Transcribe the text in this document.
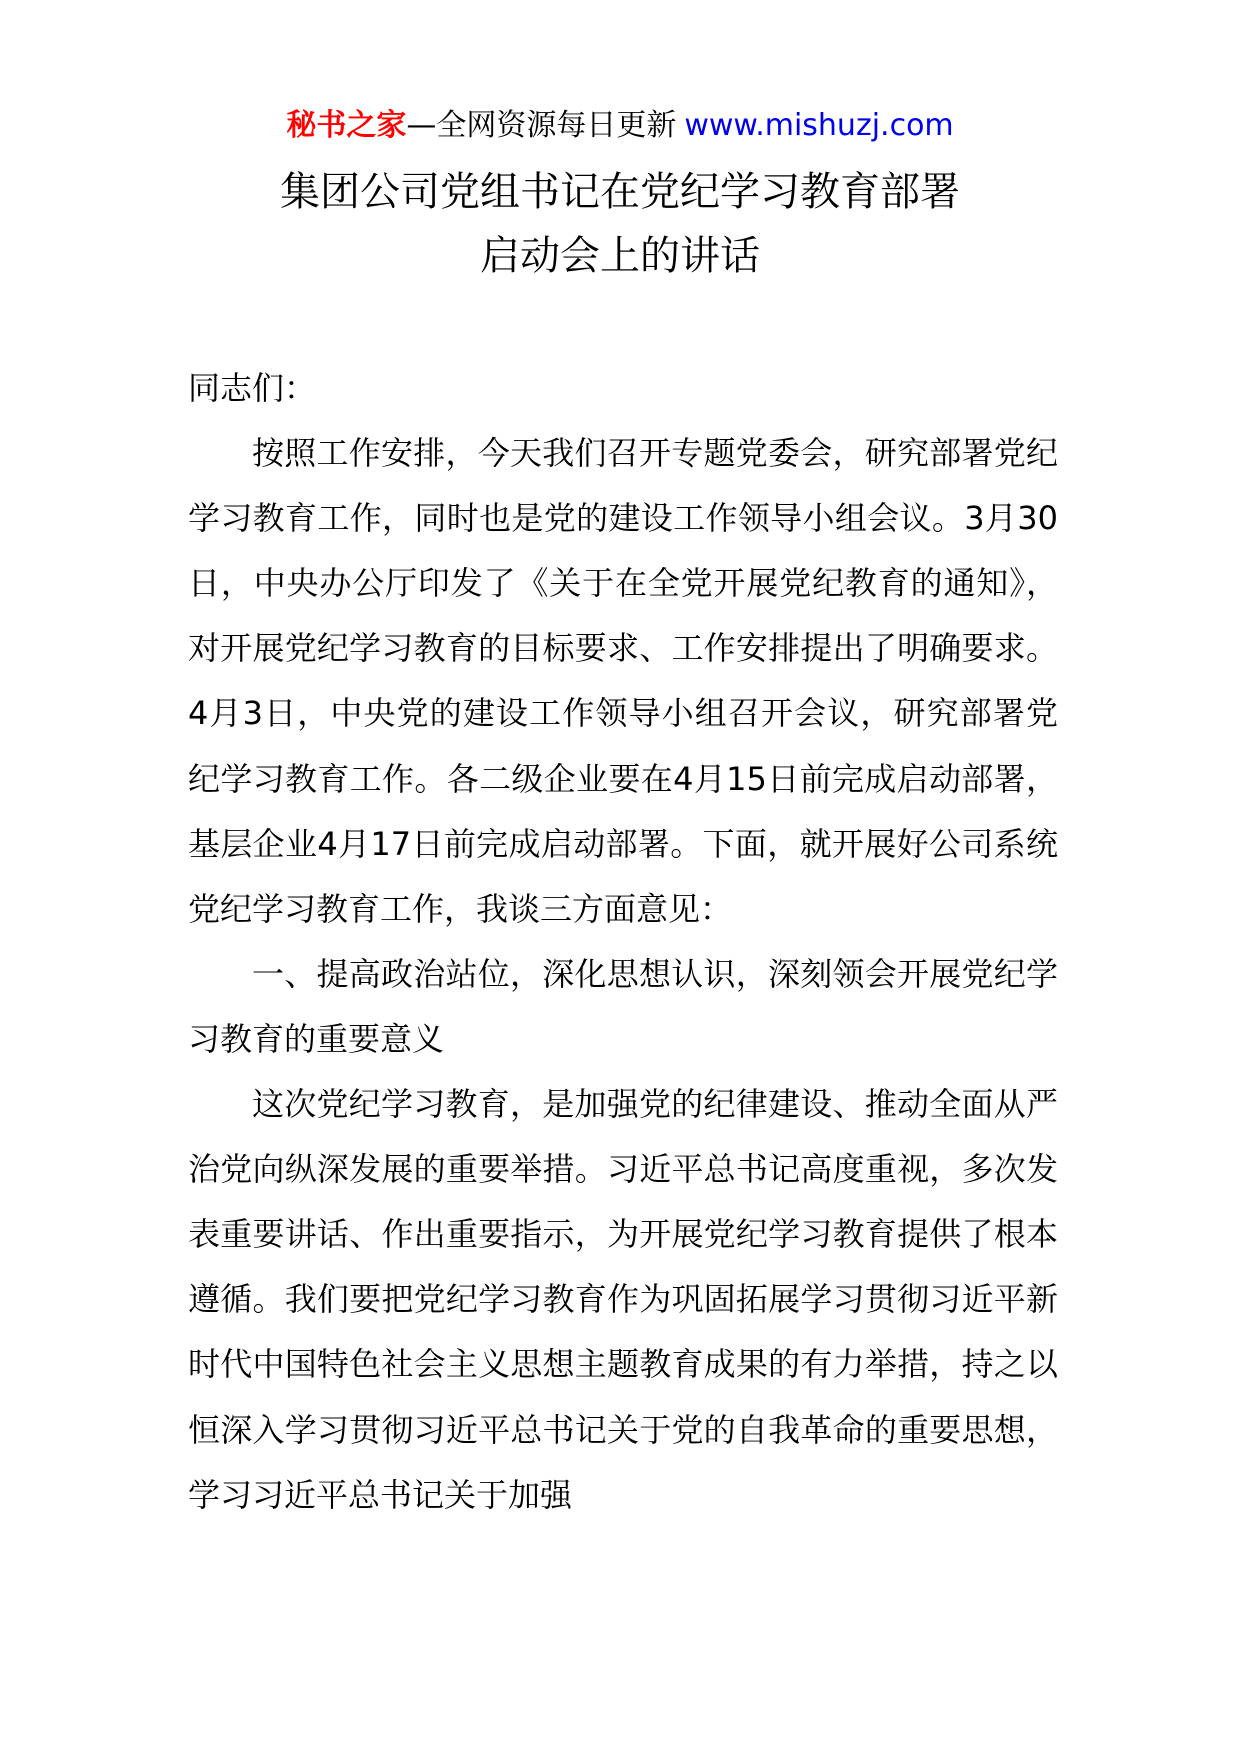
秘书之家—全网资源每日更新 www.mishuzj.com
集团公司党组书记在党纪学习教育部署
启动会上的讲话

同志们：

按照工作安排，今天我们召开专题党委会，研究部署党纪学习教育工作，同时也是党的建设工作领导小组会议。3月30日，中央办公厅印发了《关于在全党开展党纪教育的通知》，对开展党纪学习教育的目标要求、工作安排提出了明确要求。4月3日，中央党的建设工作领导小组召开会议，研究部署党纪学习教育工作。各二级企业要在4月15日前完成启动部署，基层企业4月17日前完成启动部署。下面，就开展好公司系统党纪学习教育工作，我谈三方面意见：

一、提高政治站位，深化思想认识，深刻领会开展党纪学习教育的重要意义

这次党纪学习教育，是加强党的纪律建设、推动全面从严治党向纵深发展的重要举措。习近平总书记高度重视，多次发表重要讲话、作出重要指示，为开展党纪学习教育提供了根本遵循。我们要把党纪学习教育作为巩固拓展学习贯彻习近平新时代中国特色社会主义思想主题教育成果的有力举措，持之以恒深入学习贯彻习近平总书记关于党的自我革命的重要思想，学习习近平总书记关于加强
